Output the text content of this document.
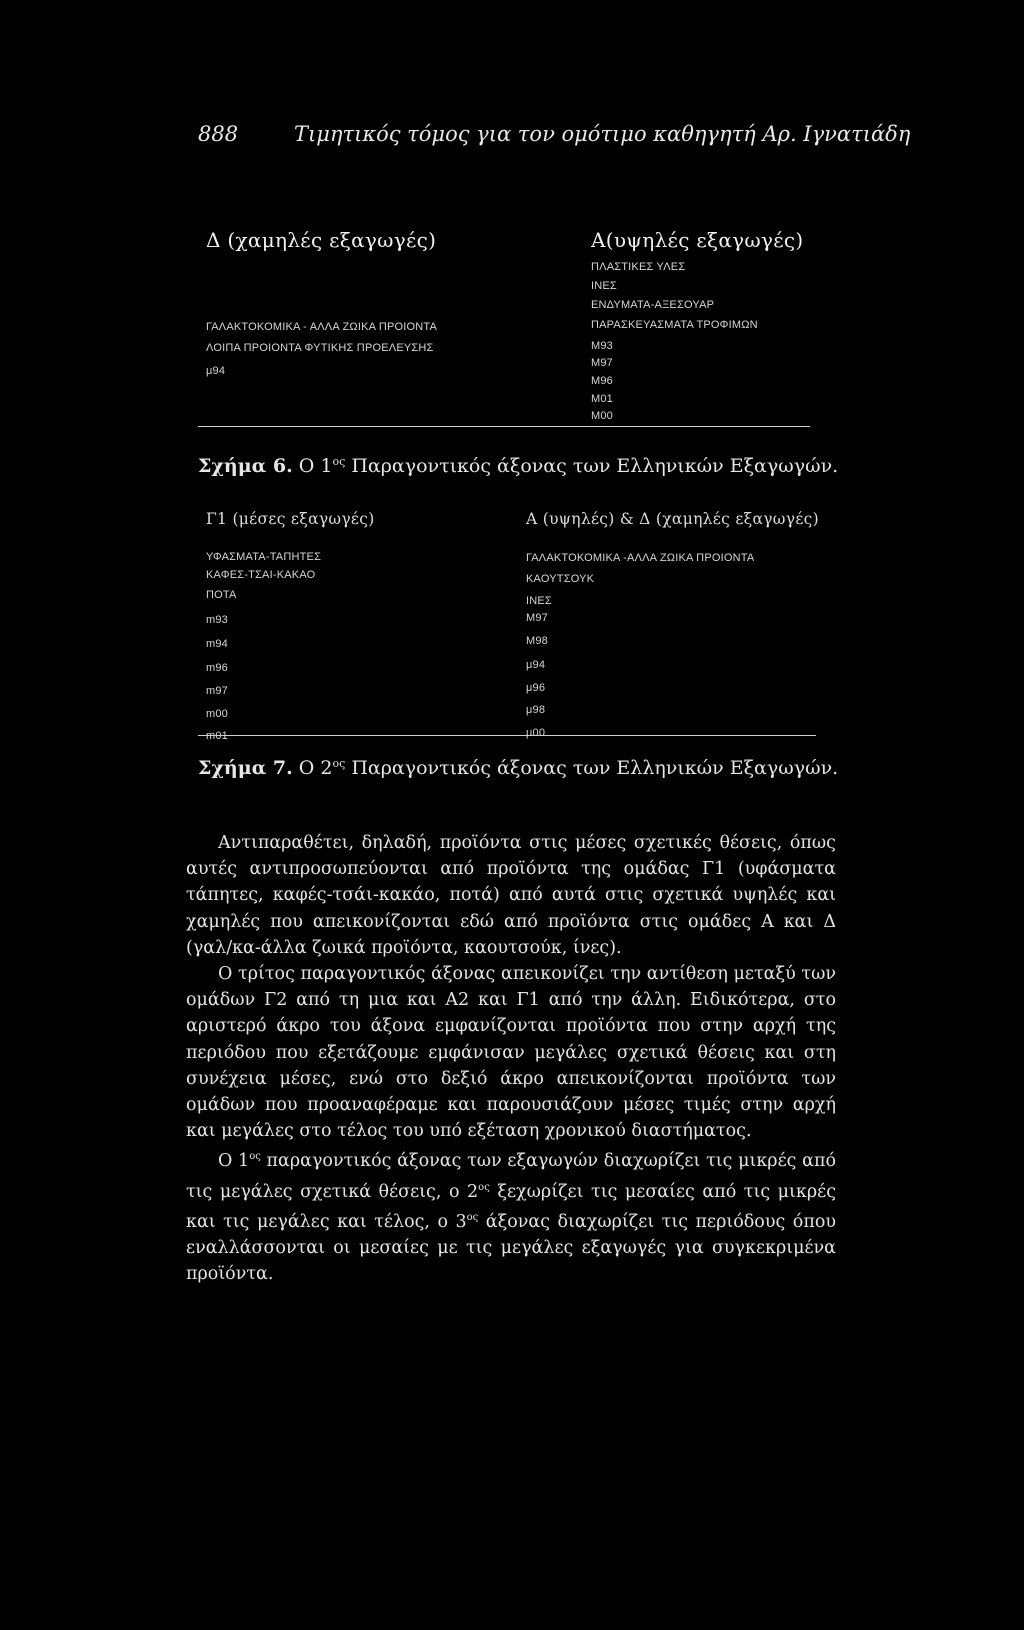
888	Τιμητικός τόμος για τον ομότιμο καθηγητή Αρ. Ιγνατιάδη
Δ (χαμηλές εξαγωγές)
ΓΑΛΑΚΤΟΚΟΜΙΚΑ - ΑΛΛΑ ΖΩΙΚΑ ΠΡΟΙΟΝΤΑ
ΛΟΙΠΑ ΠΡΟΙΟΝΤΑ ΦΥΤΙΚΗΣ ΠΡΟΕΛΕΥΣΗΣ
μ94
Α(υψηλές εξαγωγές)
ΠΛΑΣΤΙΚΕΣ ΥΛΕΣ
ΙΝΕΣ
ΕΝΔΥΜΑΤΑ-ΑΞΕΣΟΥΑΡ
ΠΑΡΑΣΚΕΥΑΣΜΑΤΑ ΤΡΟΦΙΜΩΝ
M93
M97
M96
M01
M00
Σχήμα 6. Ο $1^{o\varsigma}$ Παραγοντικός άξονας των Ελληνικών Εξαγωγών.
Γ1 (μέσες εξαγωγές)
ΥΦΑΣΜΑΤΑ-ΤΑΠΗΤΕΣ
ΚΑΦΕΣ-ΤΣΑΙ-ΚΑΚΑΟ
ΠΟΤΑ
m93
m94
m96
m97
m00
m01
Α (υψηλές) & Δ (χαμηλές εξαγωγές)
ΓΑΛΑΚΤΟΚΟΜΙΚΑ -ΑΛΛΑ ΖΩΙΚΑ ΠΡΟΙΟΝΤΑ
ΚΑΟΥΤΣΟΥΚ
ΙΝΕΣ
M97
M98
μ94
μ96
μ98
μ00
Σχήμα 7. Ο $2^{o\varsigma}$ Παραγοντικός άξονας των Ελληνικών Εξαγωγών.

Αντιπαραθέτει, δηλαδή, προϊόντα στις μέσες σχετικές θέσεις, όπως αυτές αντιπροσωπεύονται από προϊόντα της ομάδας Γ1 (υφάσματα τάπητες, καφές-τσάι-κακάο, ποτά) από αυτά στις σχετικά υψηλές και χαμηλές που απεικονίζονται εδώ από προϊόντα στις ομάδες Α και Δ (γαλ/κα-άλλα ζωικά προϊόντα, καουτσούκ, ίνες).

Ο τρίτος παραγοντικός άξονας απεικονίζει την αντίθεση μεταξύ των ομάδων Γ2 από τη μια και Α2 και Γ1 από την άλλη. Ειδικότερα, στο αριστερό άκρο του άξονα εμφανίζονται προϊόντα που στην αρχή της περιόδου που εξετάζουμε εμφάνισαν μεγάλες σχετικά θέσεις και στη συνέχεια μέσες, ενώ στο δεξιό άκρο απεικονίζονται προϊόντα των ομάδων που προαναφέραμε και παρουσιάζουν μέσες τιμές στην αρχή και μεγάλες στο τέλος του υπό εξέταση χρονικού διαστήματος.

Ο $1^{o\varsigma}$ παραγοντικός άξονας των εξαγωγών διαχωρίζει τις μικρές από τις μεγάλες σχετικά θέσεις, ο $2^{o\varsigma}$ ξεχωρίζει τις μεσαίες από τις μικρές και τις μεγάλες και τέλος, ο $3^{o\varsigma}$ άξονας διαχωρίζει τις περιόδους όπου εναλλάσσονται οι μεσαίες με τις μεγάλες εξαγωγές για συγκεκριμένα προϊόντα.
